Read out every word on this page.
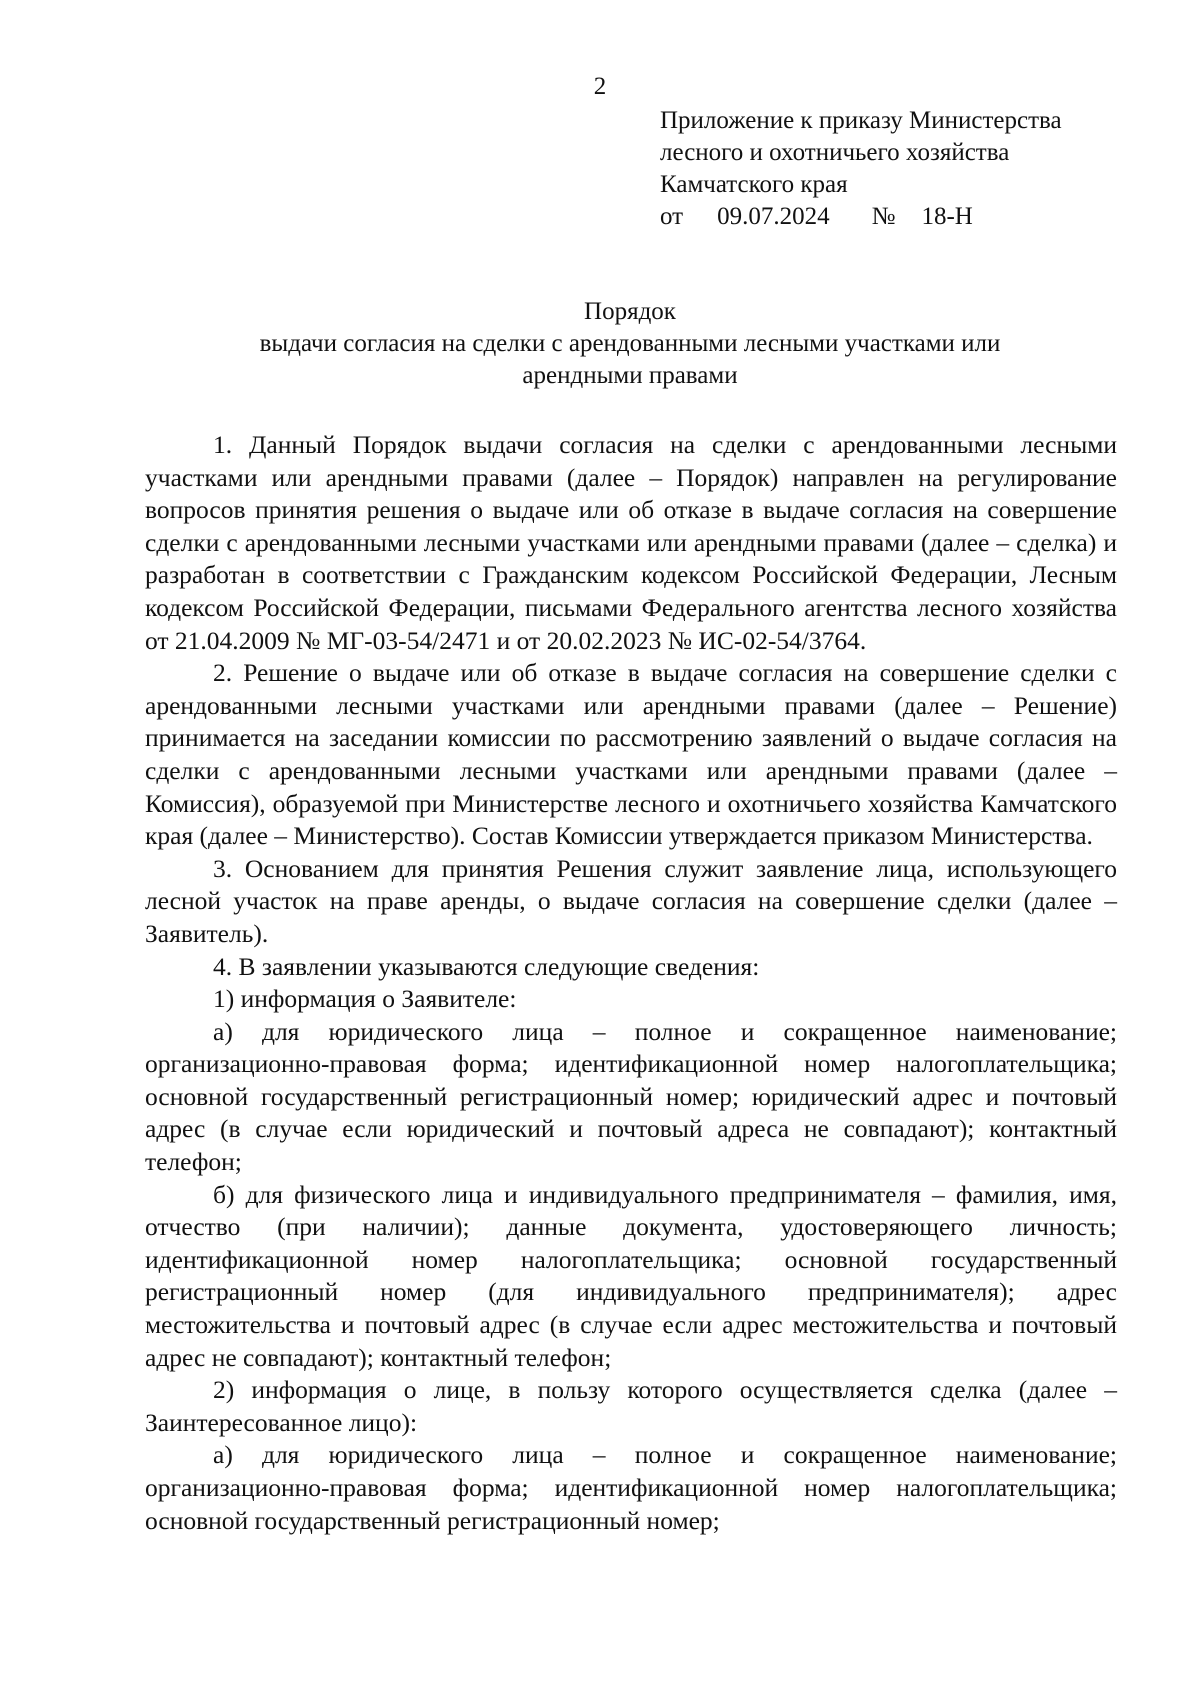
2
Приложение к приказу Министерства
лесного и охотничьего хозяйства
Камчатского края
от 09.07.2024 № 18-Н
Порядок
выдачи согласия на сделки с арендованными лесными участками или
арендными правами

1. Данный Порядок выдачи согласия на сделки с арендованными лесными участками или арендными правами (далее – Порядок) направлен на регулирование вопросов принятия решения о выдаче или об отказе в выдаче согласия на совершение сделки с арендованными лесными участками или арендными правами (далее – сделка) и разработан в соответствии с Гражданским кодексом Российской Федерации, Лесным кодексом Российской Федерации, письмами Федерального агентства лесного хозяйства от 21.04.2009 № МГ-03-54/2471 и от 20.02.2023 № ИС-02-54/3764.

2. Решение о выдаче или об отказе в выдаче согласия на совершение сделки с арендованными лесными участками или арендными правами (далее – Решение) принимается на заседании комиссии по рассмотрению заявлений о выдаче согласия на сделки с арендованными лесными участками или арендными правами (далее – Комиссия), образуемой при Министерстве лесного и охотничьего хозяйства Камчатского края (далее – Министерство). Состав Комиссии утверждается приказом Министерства.

3. Основанием для принятия Решения служит заявление лица, использующего лесной участок на праве аренды, о выдаче согласия на совершение сделки (далее – Заявитель).

4. В заявлении указываются следующие сведения:

1) информация о Заявителе:

а) для юридического лица – полное и сокращенное наименование; организационно-правовая форма; идентификационной номер налогоплательщика; основной государственный регистрационный номер; юридический адрес и почтовый адрес (в случае если юридический и почтовый адреса не совпадают); контактный телефон;

б) для физического лица и индивидуального предпринимателя – фамилия, имя, отчество (при наличии); данные документа, удостоверяющего личность; идентификационной номер налогоплательщика; основной государственный регистрационный номер (для индивидуального предпринимателя); адрес местожительства и почтовый адрес (в случае если адрес местожительства и почтовый адрес не совпадают); контактный телефон;

2) информация о лице, в пользу которого осуществляется сделка (далее – Заинтересованное лицо):

а) для юридического лица – полное и сокращенное наименование; организационно-правовая форма; идентификационной номер налогоплательщика; основной государственный регистрационный номер;
